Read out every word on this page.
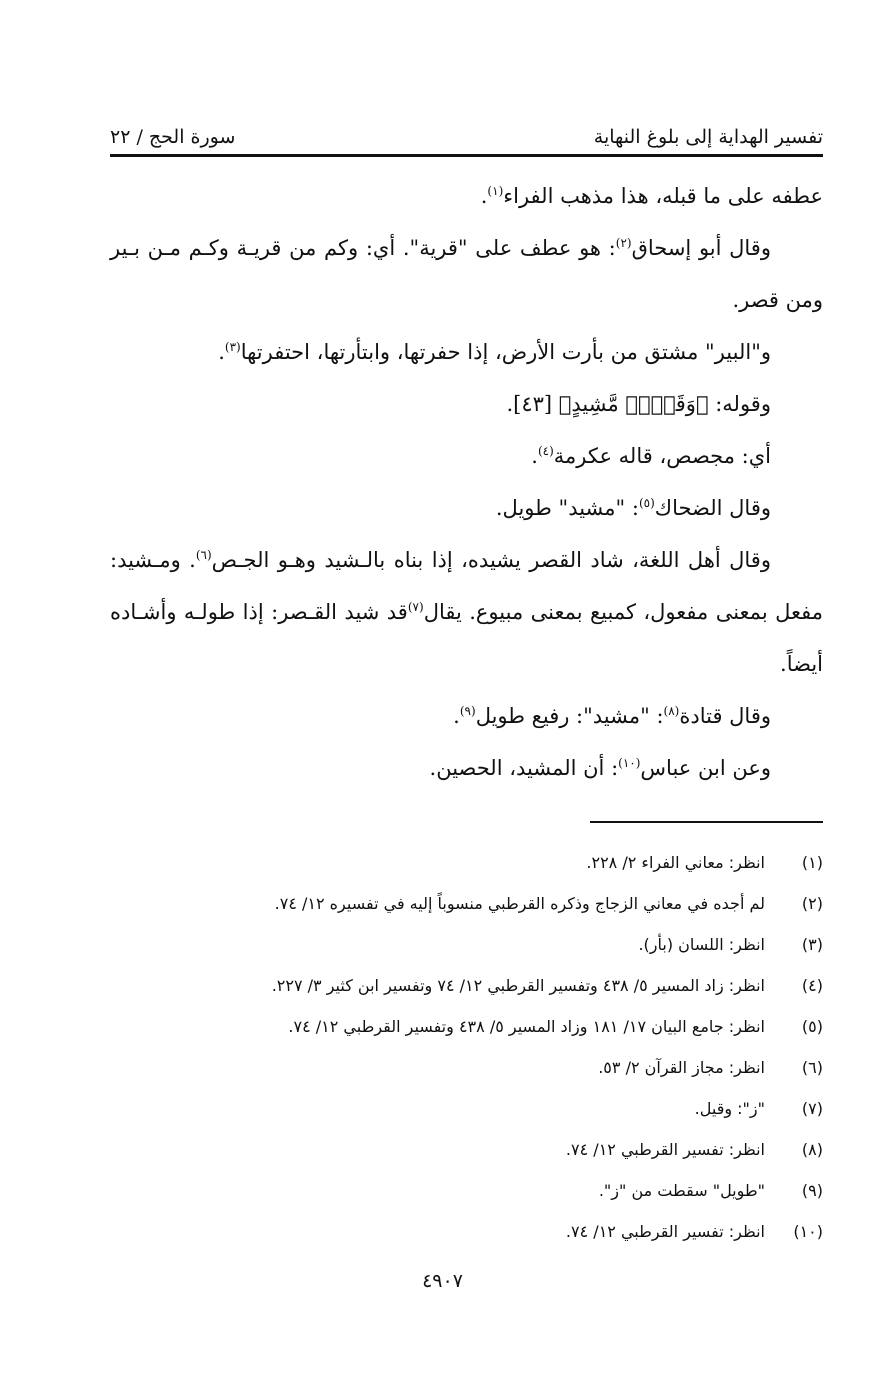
تفسير الهداية إلى بلوغ النهاية
سورة الحج / ٢٢
عطفه على ما قبله، هذا مذهب الفراء$^{(١)}$.
وقال أبو إسحاق$^{(٢)}$: هو عطف على "قرية". أي: وكم من قريـة وكـم مـن بـير
ومن قصر.
و"البير" مشتق من بأرت الأرض، إذا حفرتها، وابتأرتها، احتفرتها$^{(٣)}$.
وقوله: ﴿وَقَصۡرٖ مَّشِيدٍ﴾ [٤٣].
أي: مجصص، قاله عكرمة$^{(٤)}$.
وقال الضحاك$^{(٥)}$: "مشيد" طويل.
وقال أهل اللغة، شاد القصر يشيده، إذا بناه بالـشيد وهـو الجـص$^{(٦)}$. ومـشيد:
مفعل بمعنى مفعول، كمبيع بمعنى مبيوع. يقال$^{(٧)}$قد شيد القـصر: إذا طولـه وأشـاده
أيضاً.
وقال قتادة$^{(٨)}$: "مشيد": رفيع طويل$^{(٩)}$.
وعن ابن عباس$^{(١٠)}$: أن المشيد، الحصين.
(١)
انظر: معاني الفراء ٢/ ٢٢٨.
(٢)
لم أجده في معاني الزجاج وذكره القرطبي منسوباً إليه في تفسيره ١٢/ ٧٤.
(٣)
انظر: اللسان (بأر).
(٤)
انظر: زاد المسير ٥/ ٤٣٨ وتفسير القرطبي ١٢/ ٧٤ وتفسير ابن كثير ٣/ ٢٢٧.
(٥)
انظر: جامع البيان ١٧/ ١٨١ وزاد المسير ٥/ ٤٣٨ وتفسير القرطبي ١٢/ ٧٤.
(٦)
انظر: مجاز القرآن ٢/ ٥٣.
(٧)
"ز": وقيل.
(٨)
انظر: تفسير القرطبي ١٢/ ٧٤.
(٩)
"طويل" سقطت من "ز".
(١٠)
انظر: تفسير القرطبي ١٢/ ٧٤.
٤٩٠٧
